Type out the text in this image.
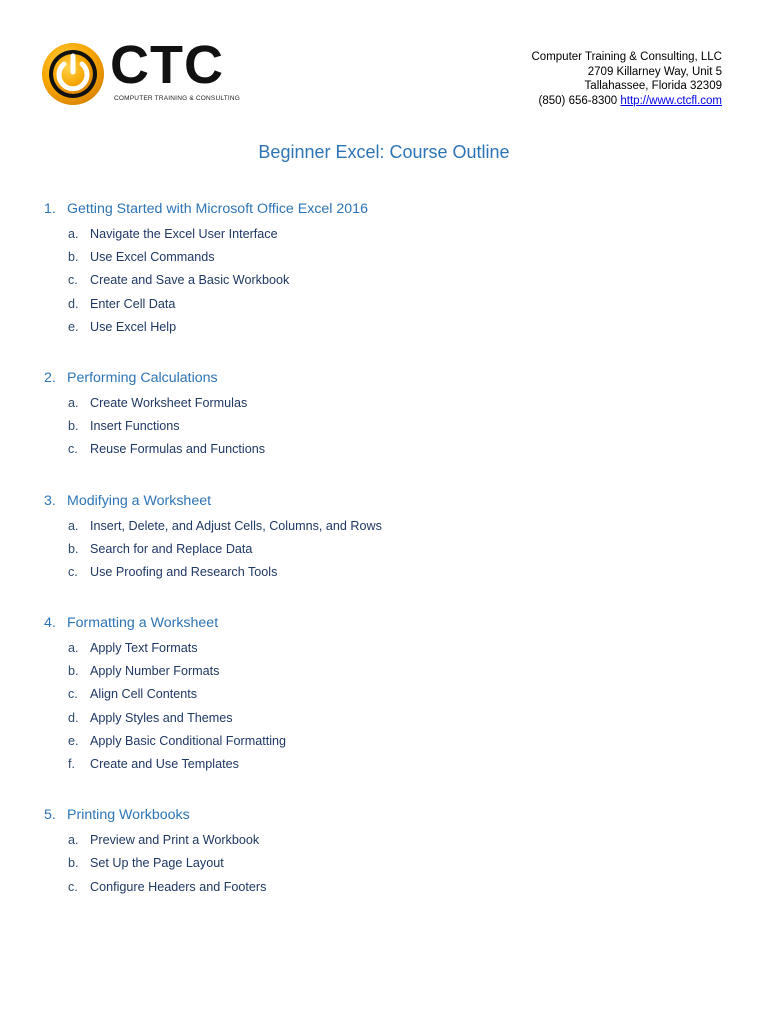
CTC
COMPUTER TRAINING & CONSULTING
Computer Training & Consulting, LLC
2709 Killarney Way, Unit 5
Tallahassee, Florida 32309
(850) 656-8300 http://www.ctcfl.com
Beginner Excel: Course Outline
1. Getting Started with Microsoft Office Excel 2016
a. Navigate the Excel User Interface
b. Use Excel Commands
c. Create and Save a Basic Workbook
d. Enter Cell Data
e. Use Excel Help
2. Performing Calculations
a. Create Worksheet Formulas
b. Insert Functions
c. Reuse Formulas and Functions
3. Modifying a Worksheet
a. Insert, Delete, and Adjust Cells, Columns, and Rows
b. Search for and Replace Data
c. Use Proofing and Research Tools
4. Formatting a Worksheet
a. Apply Text Formats
b. Apply Number Formats
c. Align Cell Contents
d. Apply Styles and Themes
e. Apply Basic Conditional Formatting
f.	Create and Use Templates
5. Printing Workbooks
a. Preview and Print a Workbook
b. Set Up the Page Layout
c. Configure Headers and Footers
